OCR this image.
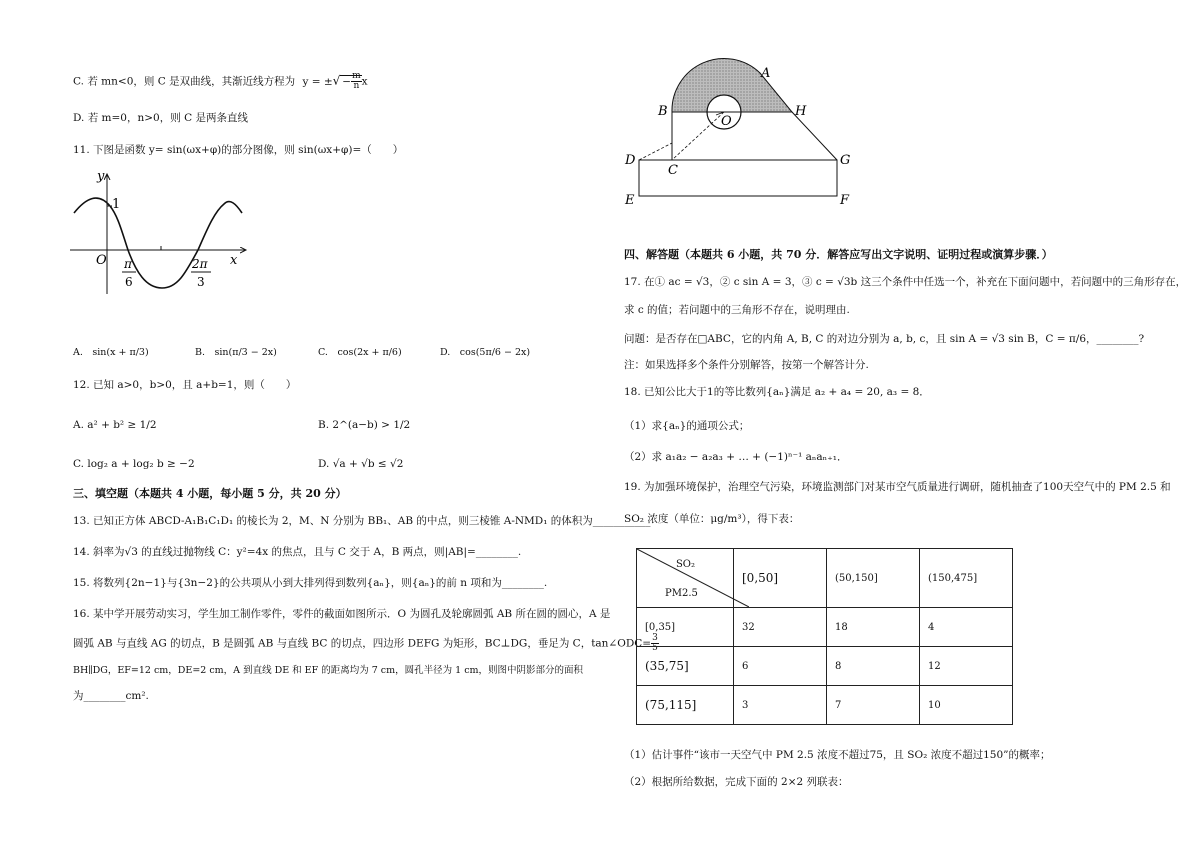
C. 若 mn<0，则 C 是双曲线，其渐近线方程为 y = ±√ − $\frac{m}{n}$ x
D. 若 m=0，n>0，则 C 是两条直线
11. 下图是函数 y= sin(ωx+φ)的部分图像，则 sin(ωx+φ)=（　　）
y
1
O	x
π
6
2π
3
A.　sin(x + π/3)	B.　sin(π/3 − 2x)	C.　cos(2x + π/6)	D.　cos(5π/6 − 2x)
12. 已知 a>0，b>0，且 a+b=1，则（　　）
A. a² + b² ≥ 1/2	B. 2^(a−b) > 1/2
C. log₂ a + log₂ b ≥ −2	D. √a + √b ≤ √2
三、填空题（本题共 4 小题，每小题 5 分，共 20 分）
13. 已知正方体 ABCD-A₁B₁C₁D₁ 的棱长为 2，M、N 分别为 BB₁、AB 的中点，则三棱锥 A-NMD₁ 的体积为___________
14. 斜率为√3 的直线过抛物线 C：y²=4x 的焦点，且与 C 交于 A，B 两点，则|AB|=________.
15. 将数列{2n−1}与{3n−2}的公共项从小到大排列得到数列{aₙ}，则{aₙ}的前 n 项和为________.
16. 某中学开展劳动实习，学生加工制作零件，零件的截面如图所示．O 为圆孔及轮廓圆弧 AB 所在圆的圆心，A 是
圆弧 AB 与直线 AG 的切点，B 是圆弧 AB 与直线 BC 的切点，四边形 DEFG 为矩形，BC⊥DG，垂足为 C，tan∠ODC= $\frac{3}{5}$
BH∥DG，EF=12 cm，DE=2 cm，A 到直线 DE 和 EF 的距离均为 7 cm，圆孔半径为 1 cm，则图中阴影部分的面积
为________cm².
A
B	H
O
D
C
G
E	F
四、解答题（本题共 6 小题，共 70 分．解答应写出文字说明、证明过程或演算步骤．）
17. 在① ac = √3，② c sin A = 3，③ c = √3b 这三个条件中任选一个，补充在下面问题中，若问题中的三角形存在，
求 c 的值；若问题中的三角形不存在，说明理由.
问题：是否存在□ABC，它的内角 A, B, C 的对边分别为 a, b, c，且 sin A = √3 sin B，C = π/6，________?
注：如果选择多个条件分别解答，按第一个解答计分.
18. 已知公比大于1的等比数列{aₙ}满足 a₂ + a₄ = 20, a₃ = 8．
（1）求{aₙ}的通项公式；
（2）求 a₁a₂ − a₂a₃ + … + (−1)ⁿ⁻¹ aₙaₙ₊₁．
19. 为加强环境保护，治理空气污染，环境监测部门对某市空气质量进行调研，随机抽查了100天空气中的 PM 2.5 和
SO₂ 浓度（单位：μg/m³），得下表：
SO₂
PM2.5	[0,50]	(50,150]	(150,475]
[0,35]	32	18	4
(35,75]	6	8	12
(75,115]	3	7	10
（1）估计事件“该市一天空气中 PM 2.5 浓度不超过75，且 SO₂ 浓度不超过150”的概率；
（2）根据所给数据，完成下面的 2×2 列联表：
